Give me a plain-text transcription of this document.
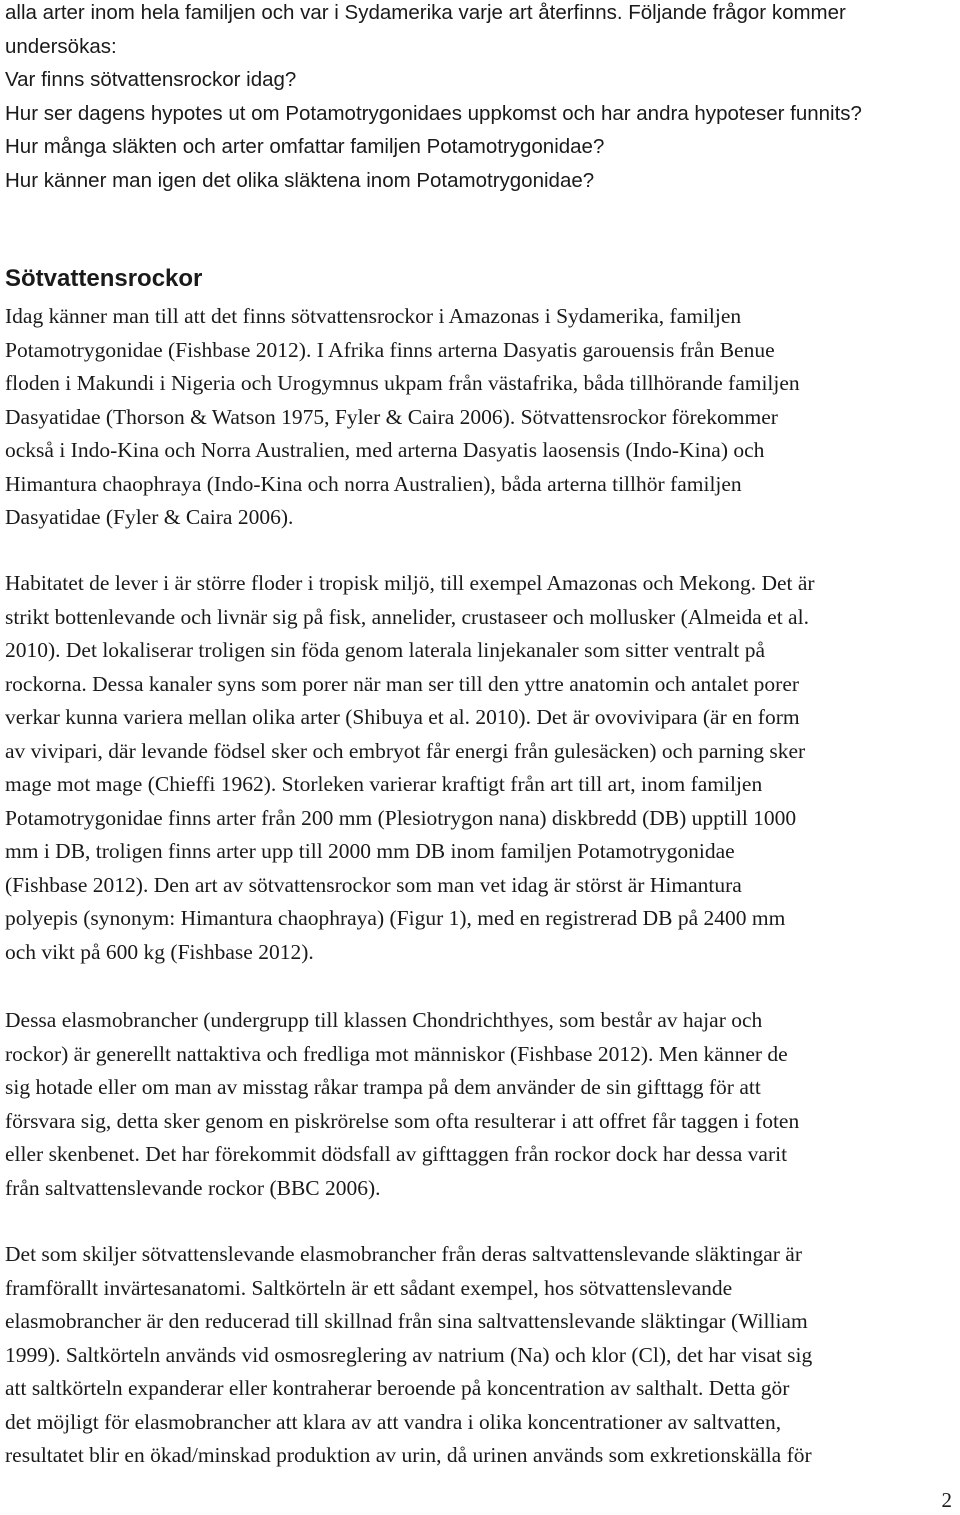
alla arter inom hela familjen och var i Sydamerika varje art återfinns. Följande frågor kommer
undersökas:
Var finns sötvattensrockor idag?
Hur ser dagens hypotes ut om Potamotrygonidaes uppkomst och har andra hypoteser funnits?
Hur många släkten och arter omfattar familjen Potamotrygonidae?
Hur känner man igen det olika släktena inom Potamotrygonidae?
Sötvattensrockor
Idag känner man till att det finns sötvattensrockor i Amazonas i Sydamerika, familjen
Potamotrygonidae (Fishbase 2012). I Afrika finns arterna Dasyatis garouensis från Benue
floden i Makundi i Nigeria och Urogymnus ukpam från västafrika, båda tillhörande familjen
Dasyatidae (Thorson & Watson 1975, Fyler & Caira 2006). Sötvattensrockor förekommer
också i Indo-Kina och Norra Australien, med arterna Dasyatis laosensis (Indo-Kina) och
Himantura chaophraya (Indo-Kina och norra Australien), båda arterna tillhör familjen
Dasyatidae (Fyler & Caira 2006).
Habitatet de lever i är större floder i tropisk miljö, till exempel Amazonas och Mekong. Det är
strikt bottenlevande och livnär sig på fisk, annelider, crustaseer och mollusker (Almeida et al.
2010). Det lokaliserar troligen sin föda genom laterala linjekanaler som sitter ventralt på
rockorna. Dessa kanaler syns som porer när man ser till den yttre anatomin och antalet porer
verkar kunna variera mellan olika arter (Shibuya et al. 2010). Det är ovovivipara (är en form
av vivipari, där levande födsel sker och embryot får energi från gulesäcken) och parning sker
mage mot mage (Chieffi 1962). Storleken varierar kraftigt från art till art, inom familjen
Potamotrygonidae finns arter från 200 mm (Plesiotrygon nana) diskbredd (DB) upptill 1000
mm i DB, troligen finns arter upp till 2000 mm DB inom familjen Potamotrygonidae
(Fishbase 2012). Den art av sötvattensrockor som man vet idag är störst är Himantura
polyepis (synonym: Himantura chaophraya) (Figur 1), med en registrerad DB på 2400 mm
och vikt på 600 kg (Fishbase 2012).
Dessa elasmobrancher (undergrupp till klassen Chondrichthyes, som består av hajar och
rockor) är generellt nattaktiva och fredliga mot människor (Fishbase 2012). Men känner de
sig hotade eller om man av misstag råkar trampa på dem använder de sin gifttagg för att
försvara sig, detta sker genom en piskrörelse som ofta resulterar i att offret får taggen i foten
eller skenbenet. Det har förekommit dödsfall av gifttaggen från rockor dock har dessa varit
från saltvattenslevande rockor (BBC 2006).
Det som skiljer sötvattenslevande elasmobrancher från deras saltvattenslevande släktingar är
framförallt invärtesanatomi. Saltkörteln är ett sådant exempel, hos sötvattenslevande
elasmobrancher är den reducerad till skillnad från sina saltvattenslevande släktingar (William
1999). Saltkörteln används vid osmosreglering av natrium (Na) och klor (Cl), det har visat sig
att saltkörteln expanderar eller kontraherar beroende på koncentration av salthalt. Detta gör
det möjligt för elasmobrancher att klara av att vandra i olika koncentrationer av saltvatten,
resultatet blir en ökad/minskad produktion av urin, då urinen används som exkretionskälla för
2
